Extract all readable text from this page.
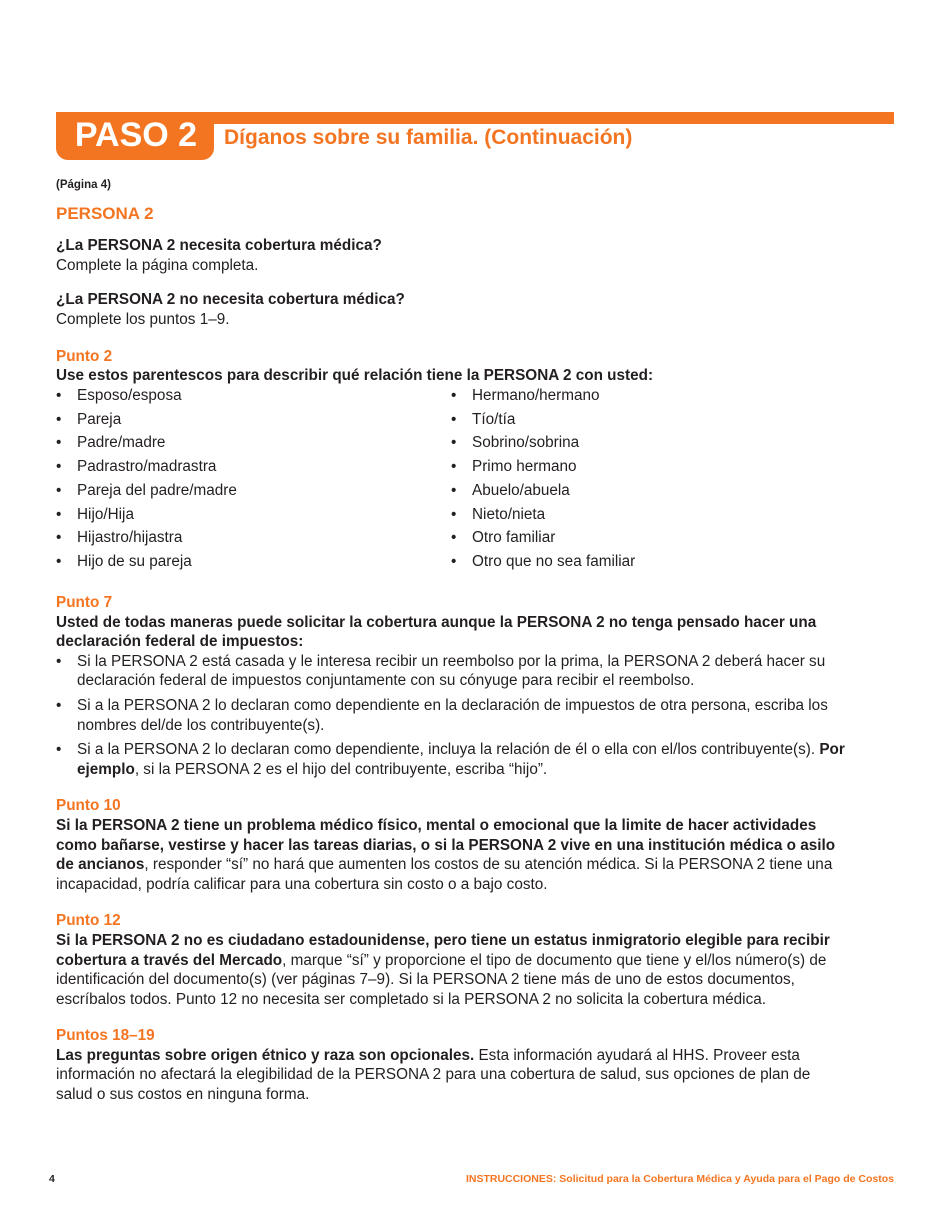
PASO 2	Díganos sobre su familia. (Continuación)
(Página 4)
PERSONA 2
¿La PERSONA 2 necesita cobertura médica?
Complete la página completa.
¿La PERSONA 2 no necesita cobertura médica?
Complete los puntos 1–9.
Punto 2
Use estos parentescos para describir qué relación tiene la PERSONA 2 con usted:
• Esposo/esposa
• Pareja
• Padre/madre
• Padrastro/madrastra
• Pareja del padre/madre
• Hijo/Hija
• Hijastro/hijastra
• Hijo de su pareja
• Hermano/hermano
• Tío/tía
• Sobrino/sobrina
• Primo hermano
• Abuelo/abuela
• Nieto/nieta
• Otro familiar
• Otro que no sea familiar
Punto 7
Usted de todas maneras puede solicitar la cobertura aunque la PERSONA 2 no tenga pensado hacer una declaración federal de impuestos:
• Si la PERSONA 2 está casada y le interesa recibir un reembolso por la prima, la PERSONA 2 deberá hacer su declaración federal de impuestos conjuntamente con su cónyuge para recibir el reembolso.
• Si a la PERSONA 2 lo declaran como dependiente en la declaración de impuestos de otra persona, escriba los nombres del/de los contribuyente(s).
• Si a la PERSONA 2 lo declaran como dependiente, incluya la relación de él o ella con el/los contribuyente(s). Por ejemplo, si la PERSONA 2 es el hijo del contribuyente, escriba “hijo”.
Punto 10
Si la PERSONA 2 tiene un problema médico físico, mental o emocional que la limite de hacer actividades como bañarse, vestirse y hacer las tareas diarias, o si la PERSONA 2 vive en una institución médica o asilo de ancianos, responder “sí” no hará que aumenten los costos de su atención médica. Si la PERSONA 2 tiene una incapacidad, podría calificar para una cobertura sin costo o a bajo costo.
Punto 12
Si la PERSONA 2 no es ciudadano estadounidense, pero tiene un estatus inmigratorio elegible para recibir cobertura a través del Mercado, marque “sí” y proporcione el tipo de documento que tiene y el/los número(s) de identificación del documento(s) (ver páginas 7–9). Si la PERSONA 2 tiene más de uno de estos documentos, escríbalos todos. Punto 12 no necesita ser completado si la PERSONA 2 no solicita la cobertura médica.
Puntos 18–19
Las preguntas sobre origen étnico y raza son opcionales. Esta información ayudará al HHS. Proveer esta información no afectará la elegibilidad de la PERSONA 2 para una cobertura de salud, sus opciones de plan de salud o sus costos en ninguna forma.
4	INSTRUCCIONES: Solicitud para la Cobertura Médica y Ayuda para el Pago de Costos
